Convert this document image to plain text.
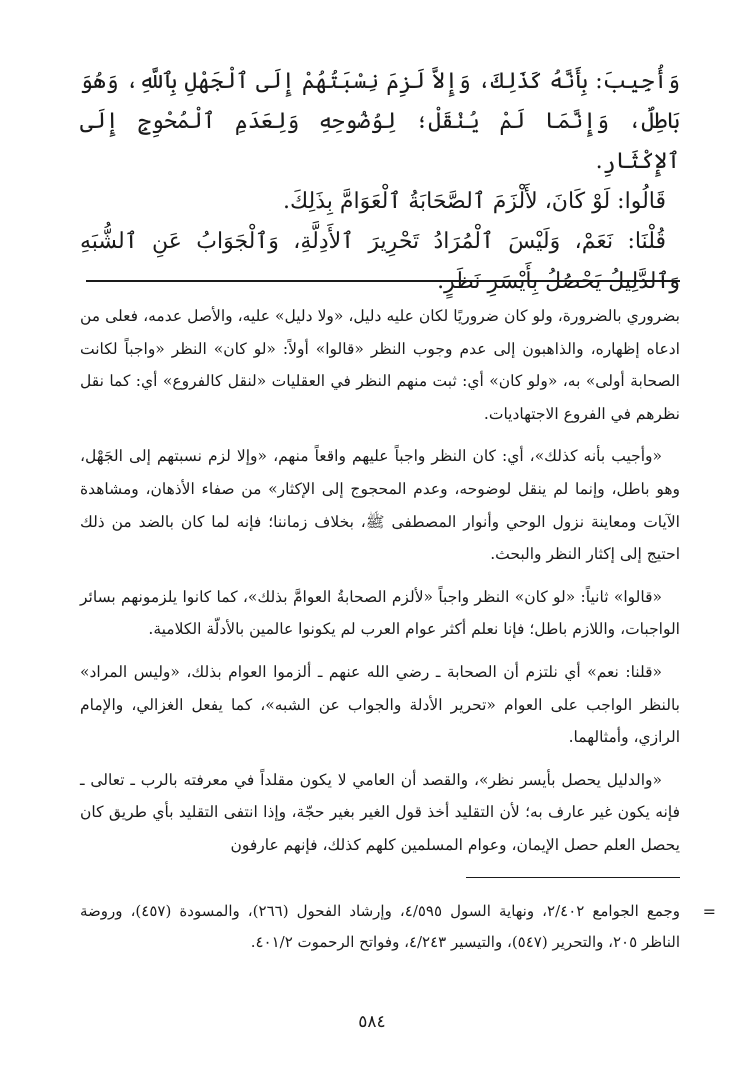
وَأُجِيبَ: بِأَنَّهُ كَذَلِكَ، وَإِلاَّ لَزِمَ نِسْبَتُهُمْ إِلَى ٱلْجَهْلِ بِٱللَّهِ، وَهُوَ بَاطِلٌ، وَإِنَّمَا لَمْ يُنْقَلْ؛ لِوُضُوحِهِ وَلِعَدَمِ ٱلْمُحْوِجِ إِلَى ٱلإِكْثَارِ.

قَالُوا: لَوْ كَانَ، لأَلْزَمَ ٱلصَّحَابَةُ ٱلْعَوَامَّ بِذَلِكَ.

قُلْنَا: نَعَمْ، وَلَيْسَ ٱلْمُرَادُ تَحْرِيرَ ٱلأَدِلَّةِ، وَٱلْجَوَابُ عَنِ ٱلشُّبَهِ وَٱلدَّلِيلُ يَحْصُلُ بِأَيْسَرِ نَظَرٍ.

بضروري بالضرورة، ولو كان ضروريًا لكان عليه دليل، «ولا دليل» عليه، والأصل عدمه، فعلى من ادعاه إظهاره، والذاهبون إلى عدم وجوب النظر «قالوا» أولاً: «لو كان» النظر «واجباً لكانت الصحابة أولى» به، «ولو كان» أي: ثبت منهم النظر في العقليات «لنقل كالفروع» أي: كما نقل نظرهم في الفروع الاجتهاديات.

«وأجيب بأنه كذلك»، أي: كان النظر واجباً عليهم واقعاً منهم، «وإلا لزم نسبتهم إلى الجَهْل، وهو باطل، وإنما لم ينقل لوضوحه، وعدم المحجوج إلى الإكثار» من صفاء الأذهان، ومشاهدة الآيات ومعاينة نزول الوحي وأنوار المصطفى ﷺ، بخلاف زماننا؛ فإنه لما كان بالضد من ذلك احتيج إلى إكثار النظر والبحث.

«قالوا» ثانياً: «لو كان» النظر واجباً «لألزم الصحابةُ العوامَّ بذلك»، كما كانوا يلزمونهم بسائر الواجبات، واللازم باطل؛ فإنا نعلم أكثر عوام العرب لم يكونوا عالمين بالأدلّة الكلامية.

«قلنا: نعم» أي نلتزم أن الصحابة ـ رضي الله عنهم ـ ألزموا العوام بذلك، «وليس المراد» بالنظر الواجب على العوام «تحرير الأدلة والجواب عن الشبه»، كما يفعل الغزالي، والإمام الرازي، وأمثالهما.

«والدليل يحصل بأيسر نظر»، والقصد أن العامي لا يكون مقلداً في معرفته بالرب ـ تعالى ـ فإنه يكون غير عارف به؛ لأن التقليد أخذ قول الغير بغير حجّة، وإذا انتفى التقليد بأي طريق كان يحصل العلم حصل الإيمان، وعوام المسلمين كلهم كذلك، فإنهم عارفون

=
وجمع الجوامع ٢/٤٠٢، ونهاية السول ٤/٥٩٥، وإرشاد الفحول (٢٦٦)، والمسودة (٤٥٧)، وروضة الناظر ٢٠٥، والتحرير (٥٤٧)، والتيسير ٤/٢٤٣، وفواتح الرحموت ٤٠١/٢.
٥٨٤
